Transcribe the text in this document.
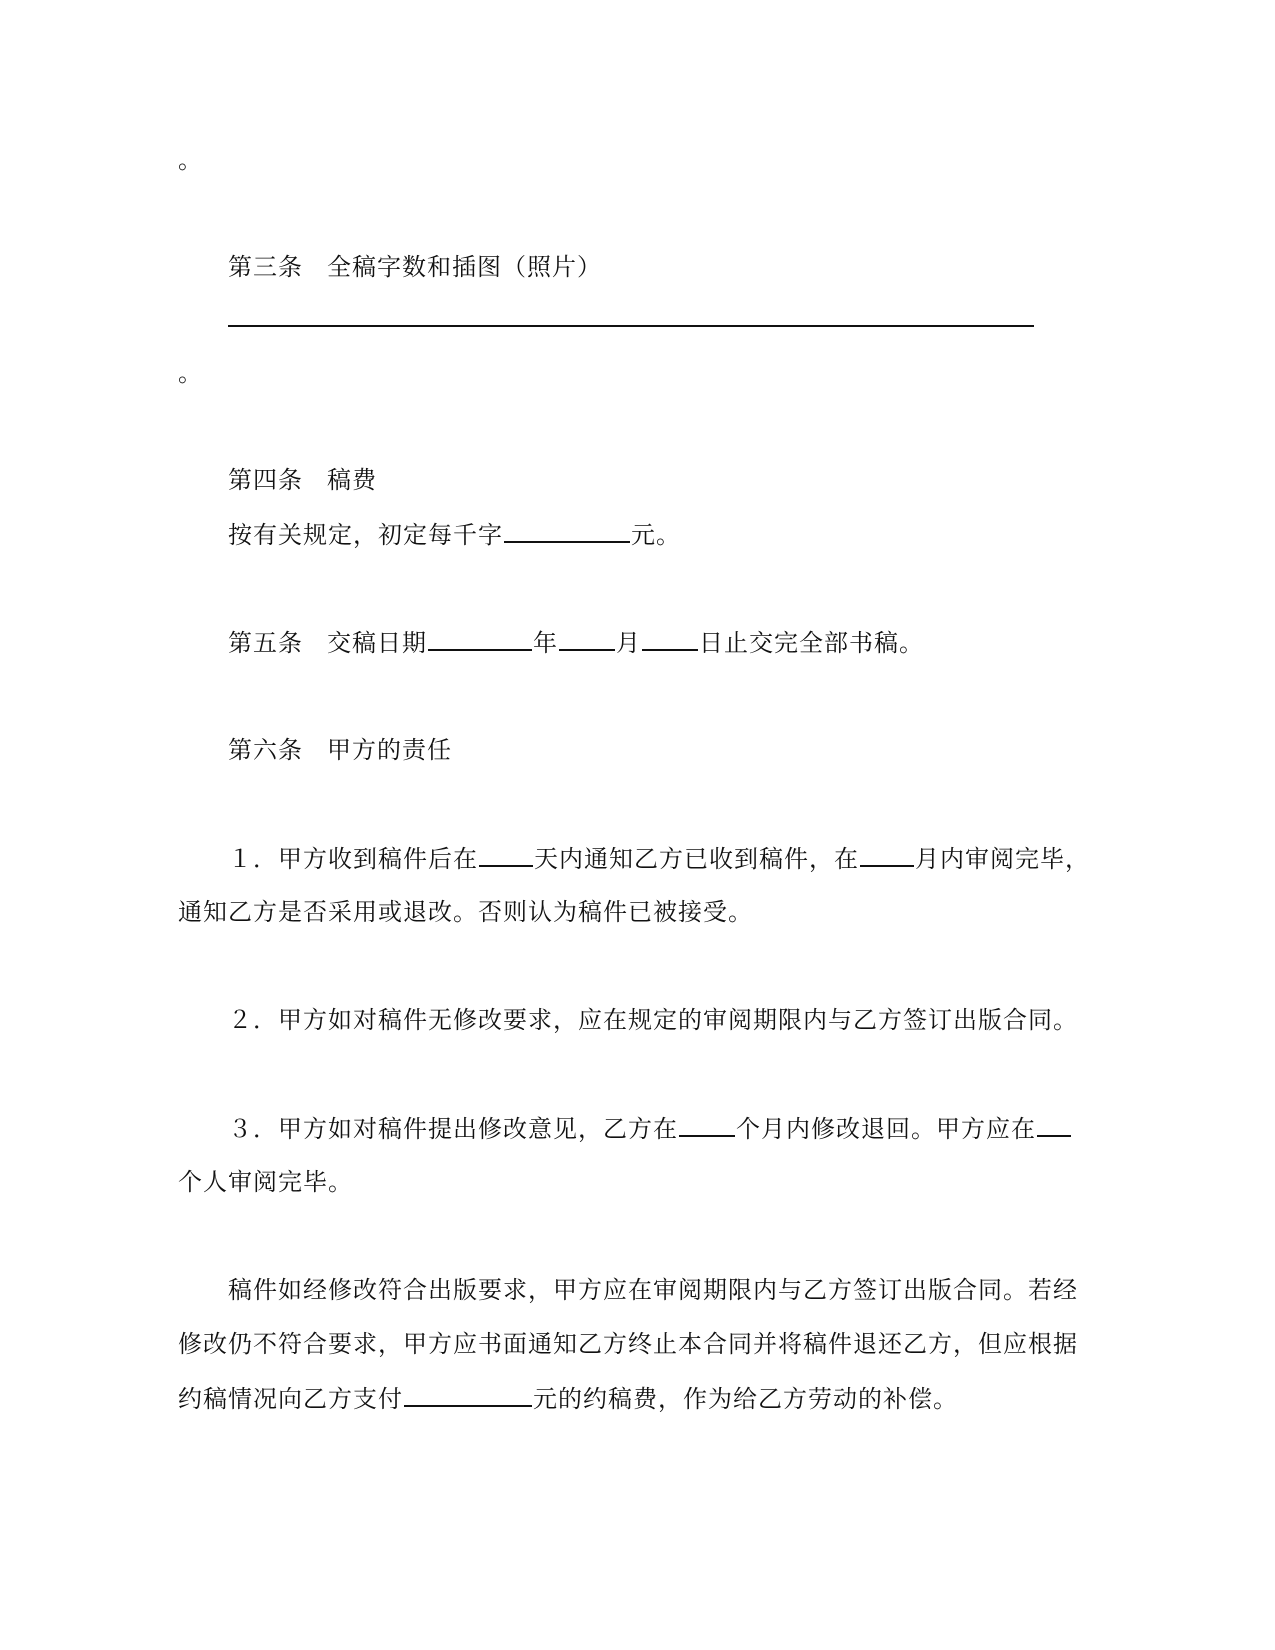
。
第三条 全稿字数和插图（照片）
。
第四条 稿费
按有关规定，初定每千字	元。
第五条 交稿日期	年 月 日止交完全部书稿。
第六条 甲方的责任
１．甲方收到稿件后在 天内通知乙方已收到稿件，在 月内审阅完毕，
通知乙方是否采用或退改。否则认为稿件已被接受。
２．甲方如对稿件无修改要求，应在规定的审阅期限内与乙方签订出版合同。
３．甲方如对稿件提出修改意见，乙方在 个月内修改退回。甲方应在
个人审阅完毕。
稿件如经修改符合出版要求，甲方应在审阅期限内与乙方签订出版合同。若经
修改仍不符合要求，甲方应书面通知乙方终止本合同并将稿件退还乙方，但应根据
约稿情况向乙方支付	元的约稿费，作为给乙方劳动的补偿。
